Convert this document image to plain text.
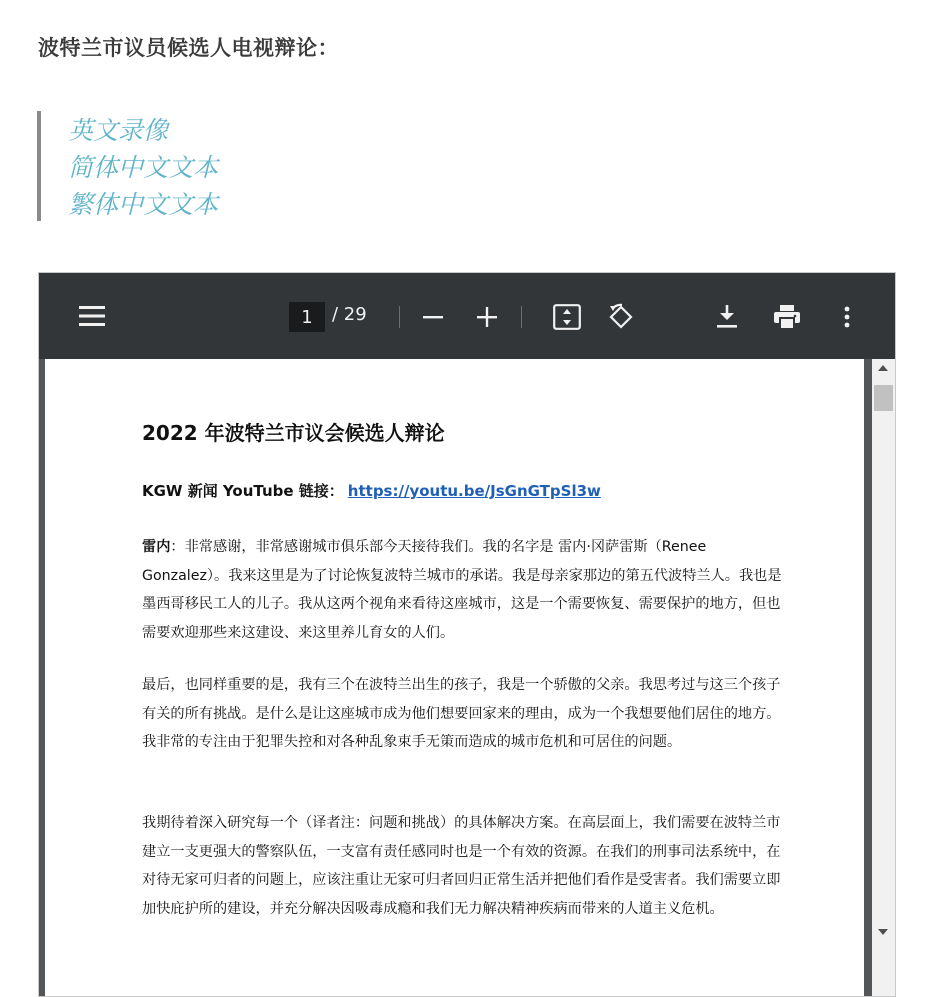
波特兰市议员候选人电视辩论：
英文录像
简体中文文本
繁体中文文本
1	/ 29
2022 年波特兰市议会候选人辩论
KGW 新闻 YouTube 链接： https://youtu.be/JsGnGTpSl3w

雷内：非常感谢，非常感谢城市俱乐部今天接待我们。我的名字是 雷内·冈萨雷斯（Renee Gonzalez）。我来这里是为了讨论恢复波特兰城市的承诺。我是母亲家那边的第五代波特兰人。我也是墨西哥移民工人的儿子。我从这两个视角来看待这座城市，这是一个需要恢复、需要保护的地方，但也需要欢迎那些来这建设、来这里养儿育女的人们。

最后，也同样重要的是，我有三个在波特兰出生的孩子，我是一个骄傲的父亲。我思考过与这三个孩子有关的所有挑战。是什么是让这座城市成为他们想要回家来的理由，成为一个我想要他们居住的地方。我非常的专注由于犯罪失控和对各种乱象束手无策而造成的城市危机和可居住的问题。

我期待着深入研究每一个（译者注：问题和挑战）的具体解决方案。在高层面上，我们需要在波特兰市建立一支更强大的警察队伍，一支富有责任感同时也是一个有效的资源。在我们的刑事司法系统中，在对待无家可归者的问题上，应该注重让无家可归者回归正常生活并把他们看作是受害者。我们需要立即加快庇护所的建设，并充分解决因吸毒成瘾和我们无力解决精神疾病而带来的人道主义危机。
